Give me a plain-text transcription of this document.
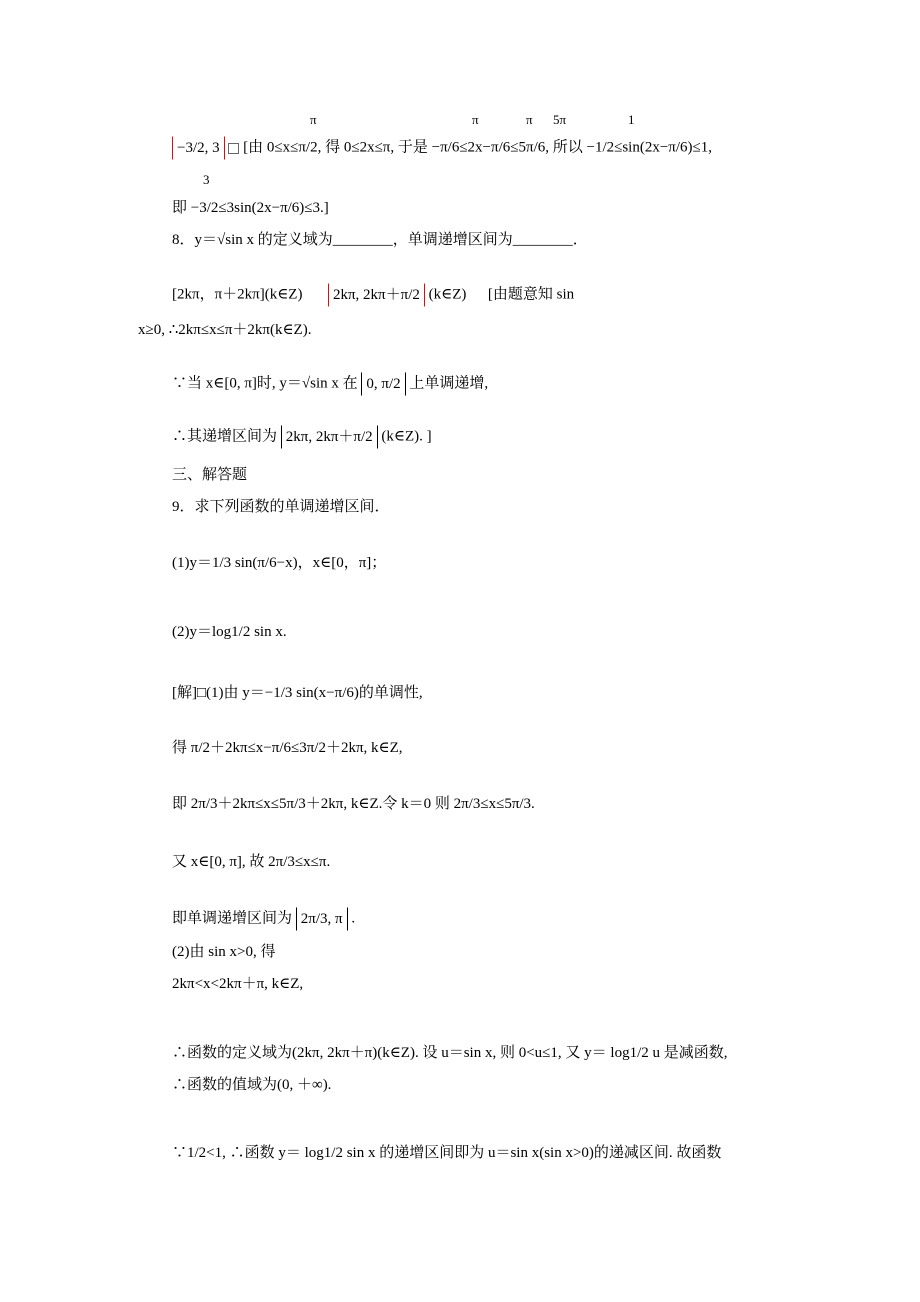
π	π	π 5π	1
−3/2, 3 [由 0≤x≤π/2, 得 0≤2x≤π, 于是 −π/6≤2x−π/6≤5π/6, 所以 −1/2≤sin(2x−π/6)≤1,
3
即 −3/2≤3sin(2x−π/6)≤3.]
8．y＝√sin x 的定义域为________，单调递增区间为________．
[2kπ，π＋2kπ](k∈Z) 2kπ, 2kπ＋π/2 (k∈Z) [由题意知 sin
x≥0, ∴2kπ≤x≤π＋2kπ(k∈Z).
∵当 x∈[0, π]时, y＝√sin x 在 0, π/2 上单调递增,
∴其递增区间为 2kπ, 2kπ＋π/2 (k∈Z). ]
三、解答题
9．求下列函数的单调递增区间．
(1)y＝1/3 sin(π/6−x)，x∈[0，π]；
(2)y＝log1/2 sin x.
[解]□(1)由 y＝−1/3 sin(x−π/6)的单调性,
得 π/2＋2kπ≤x−π/6≤3π/2＋2kπ, k∈Z,
即 2π/3＋2kπ≤x≤5π/3＋2kπ, k∈Z.令 k＝0 则 2π/3≤x≤5π/3.
又 x∈[0, π], 故 2π/3≤x≤π.
即单调递增区间为 2π/3, π .
(2)由 sin x>0, 得
2kπ<x<2kπ＋π, k∈Z,
∴函数的定义域为(2kπ, 2kπ＋π)(k∈Z). 设 u＝sin x, 则 0<u≤1, 又 y＝ log1/2 u 是减函数,
∴函数的值域为(0, ＋∞).
∵1/2<1, ∴函数 y＝ log1/2 sin x 的递增区间即为 u＝sin x(sin x>0)的递减区间. 故函数
